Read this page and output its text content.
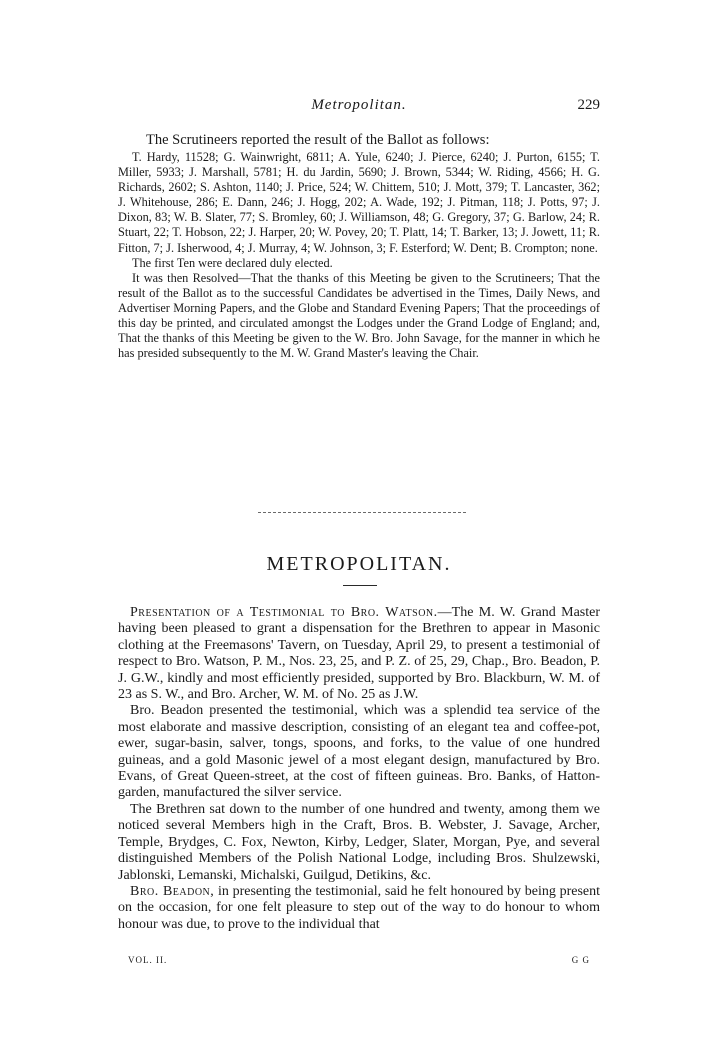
Metropolitan.	229

The Scrutineers reported the result of the Ballot as follows:

T. Hardy, 11528; G. Wainwright, 6811; A. Yule, 6240; J. Pierce, 6240; J. Purton, 6155; T. Miller, 5933; J. Marshall, 5781; H. du Jardin, 5690; J. Brown, 5344; W. Riding, 4566; H. G. Richards, 2602; S. Ashton, 1140; J. Price, 524; W. Chittem, 510; J. Mott, 379; T. Lancaster, 362; J. Whitehouse, 286; E. Dann, 246; J. Hogg, 202; A. Wade, 192; J. Pitman, 118; J. Potts, 97; J. Dixon, 83; W. B. Slater, 77; S. Bromley, 60; J. Williamson, 48; G. Gregory, 37; G. Barlow, 24; R. Stuart, 22; T. Hobson, 22; J. Harper, 20; W. Povey, 20; T. Platt, 14; T. Barker, 13; J. Jowett, 11; R. Fitton, 7; J. Isherwood, 4; J. Murray, 4; W. Johnson, 3; F. Esterford; W. Dent; B. Crompton; none.

The first Ten were declared duly elected.

It was then Resolved—That the thanks of this Meeting be given to the Scrutineers; That the result of the Ballot as to the successful Candidates be advertised in the Times, Daily News, and Advertiser Morning Papers, and the Globe and Standard Evening Papers; That the proceedings of this day be printed, and circulated amongst the Lodges under the Grand Lodge of England; and, That the thanks of this Meeting be given to the W. Bro. John Savage, for the manner in which he has presided subsequently to the M. W. Grand Master's leaving the Chair.

METROPOLITAN.

Presentation of a Testimonial to Bro. Watson.—The M. W. Grand Master having been pleased to grant a dispensation for the Brethren to appear in Masonic clothing at the Freemasons' Tavern, on Tuesday, April 29, to present a testimonial of respect to Bro. Watson, P. M., Nos. 23, 25, and P. Z. of 25, 29, Chap., Bro. Beadon, P. J. G.W., kindly and most efficiently presided, supported by Bro. Blackburn, W. M. of 23 as S. W., and Bro. Archer, W. M. of No. 25 as J.W.

Bro. Beadon presented the testimonial, which was a splendid tea service of the most elaborate and massive description, consisting of an elegant tea and coffee-pot, ewer, sugar-basin, salver, tongs, spoons, and forks, to the value of one hundred guineas, and a gold Masonic jewel of a most elegant design, manufactured by Bro. Evans, of Great Queen-street, at the cost of fifteen guineas. Bro. Banks, of Hatton-garden, manufactured the silver service.

The Brethren sat down to the number of one hundred and twenty, among them we noticed several Members high in the Craft, Bros. B. Webster, J. Savage, Archer, Temple, Brydges, C. Fox, Newton, Kirby, Ledger, Slater, Morgan, Pye, and several distinguished Members of the Polish National Lodge, including Bros. Shulzewski, Jablonski, Lemanski, Michalski, Guilgud, Detikins, &c.

Bro. Beadon, in presenting the testimonial, said he felt honoured by being present on the occasion, for one felt pleasure to step out of the way to do honour to whom honour was due, to prove to the individual that

VOL. II.	G G
